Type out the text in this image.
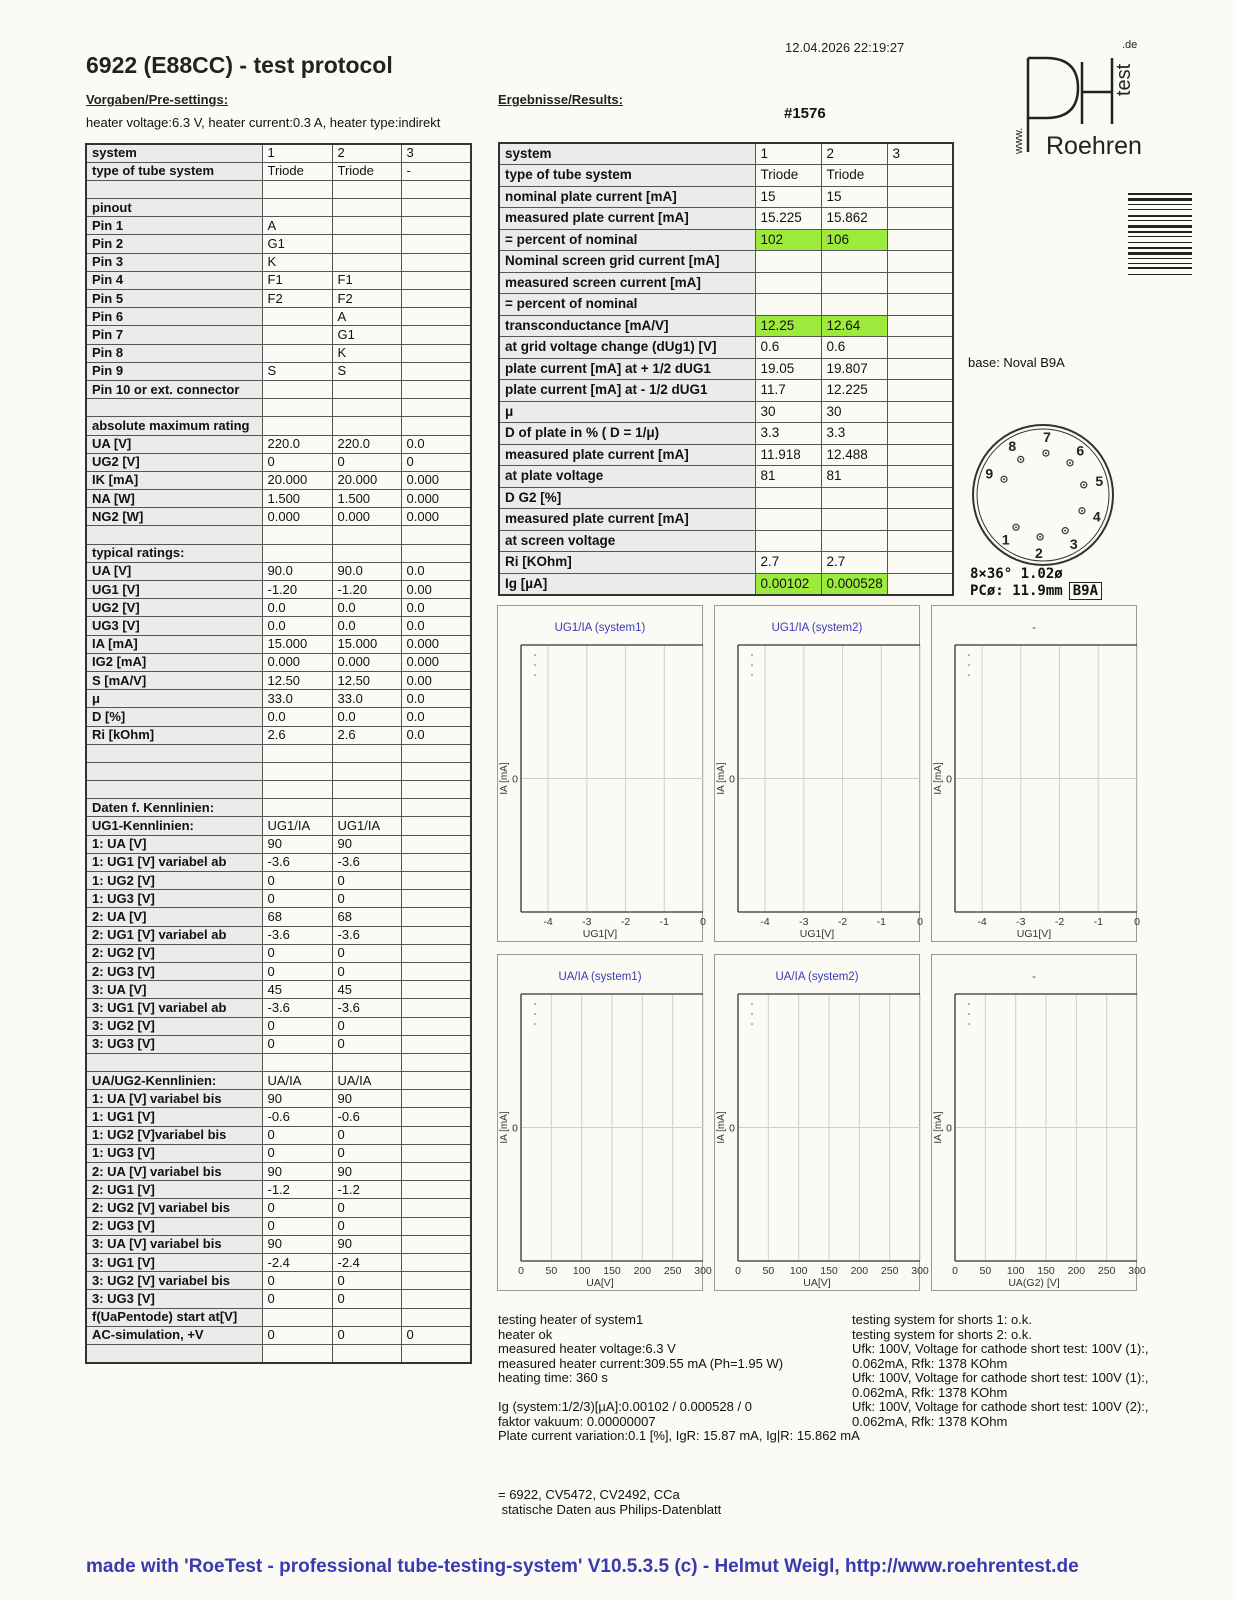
6922 (E88CC) - test protocol
12.04.2026 22:19:27
Vorgaben/Pre-settings:
heater voltage:6.3 V, heater current:0.3 A, heater type:indirekt
Ergebnisse/Results:
#1576
www.
test
.de
Roehren
system	1	2	3
type of tube system	Triode	Triode	-

pinout			
Pin 1	A		
Pin 2	G1		
Pin 3	K		
Pin 4	F1	F1	
Pin 5	F2	F2	
Pin 6		A	
Pin 7		G1	
Pin 8		K	
Pin 9	S	S	
Pin 10 or ext. connector			

absolute maximum rating			
UA [V]	220.0	220.0	0.0
UG2 [V]	0	0	0
IK [mA]	20.000	20.000	0.000
NA [W]	1.500	1.500	0.000
NG2 [W]	0.000	0.000	0.000

typical ratings:			
UA [V]	90.0	90.0	0.0
UG1 [V]	-1.20	-1.20	0.00
UG2 [V]	0.0	0.0	0.0
UG3 [V]	0.0	0.0	0.0
IA [mA]	15.000	15.000	0.000
IG2 [mA]	0.000	0.000	0.000
S [mA/V]	12.50	12.50	0.00
μ	33.0	33.0	0.0
D [%]	0.0	0.0	0.0
Ri [kOhm]	2.6	2.6	0.0

Daten f. Kennlinien:			
UG1-Kennlinien:	UG1/IA	UG1/IA	
1: UA [V]	90	90	
1: UG1 [V] variabel ab	-3.6	-3.6	
1: UG2 [V]	0	0	
1: UG3 [V]	0	0	
2: UA [V]	68	68	
2: UG1 [V] variabel ab	-3.6	-3.6	
2: UG2 [V]	0	0	
2: UG3 [V]	0	0	
3: UA [V]	45	45	
3: UG1 [V] variabel ab	-3.6	-3.6	
3: UG2 [V]	0	0	
3: UG3 [V]	0	0	

UA/UG2-Kennlinien:	UA/IA	UA/IA	
1: UA [V] variabel bis	90	90	
1: UG1 [V]	-0.6	-0.6	
1: UG2 [V]variabel bis	0	0	
1: UG3 [V]	0	0	
2: UA [V] variabel bis	90	90	
2: UG1 [V]	-1.2	-1.2	
2: UG2 [V] variabel bis	0	0	
2: UG3 [V]	0	0	
3: UA [V] variabel bis	90	90	
3: UG1 [V]	-2.4	-2.4	
3: UG2 [V] variabel bis	0	0	
3: UG3 [V]	0	0	
f(UaPentode) start at[V]			
AC-simulation, +V	0	0	0

system	1	2	3
type of tube system	Triode	Triode	
nominal plate current [mA]	15	15	
measured plate current [mA]	15.225	15.862	
= percent of nominal	102	106	
Nominal screen grid current [mA]			
measured screen current [mA]			
= percent of nominal			
transconductance [mA/V]	12.25	12.64	
at grid voltage change (dUg1) [V]	0.6	0.6	
plate current [mA] at + 1/2 dUG1	19.05	19.807	
plate current [mA] at - 1/2 dUG1	11.7	12.225	
μ	30	30	
D of plate in % ( D = 1/μ)	3.3	3.3	
measured plate current [mA]	11.918	12.488	
at plate voltage	81	81	
D G2 [%]			
measured plate current [mA]			
at screen voltage			
Ri [KOhm]	2.7	2.7	
Ig [µA]	0.00102	0.000528	
base: Noval B9A
1
2
3
4
5
6
7
8
9
8×36° 1.02ø
PCø: 11.9mm B9A
UG1/IA (system1)
-4	-3	-2	-1	0
0
UG1[V]
IA [mA]
UG1/IA (system2)
-4	-3	-2	-1	0
0
UG1[V]
IA [mA]
-
-4	-3	-2	-1	0
0
UG1[V]
IA [mA]
UA/IA (system1)
0 50 100 150 200 250 300
0
UA[V]
IA [mA]
UA/IA (system2)
0 50 100 150 200 250 300
0
UA[V]
IA [mA]
-
0 50 100 150 200 250 300
0
UA(G2) [V]
IA [mA]
testing heater of system1
heater ok
measured heater voltage:6.3 V
measured heater current:309.55 mA (Ph=1.95 W)
heating time: 360 s
Ig (system:1/2/3)[µA]:0.00102 / 0.000528 / 0
faktor vakuum: 0.00000007
Plate current variation:0.1 [%], IgR: 15.87 mA, Ig|R: 15.862 mA
testing system for shorts 1: o.k.
testing system for shorts 2: o.k.
Ufk: 100V, Voltage for cathode short test: 100V (1):,
0.062mA, Rfk: 1378 KOhm
Ufk: 100V, Voltage for cathode short test: 100V (1):,
0.062mA, Rfk: 1378 KOhm
Ufk: 100V, Voltage for cathode short test: 100V (2):,
0.062mA, Rfk: 1378 KOhm
= 6922, CV5472, CV2492, CCa
statische Daten aus Philips-Datenblatt
made with 'RoeTest - professional tube-testing-system' V10.5.3.5 (c) - Helmut Weigl, http://www.roehrentest.de
